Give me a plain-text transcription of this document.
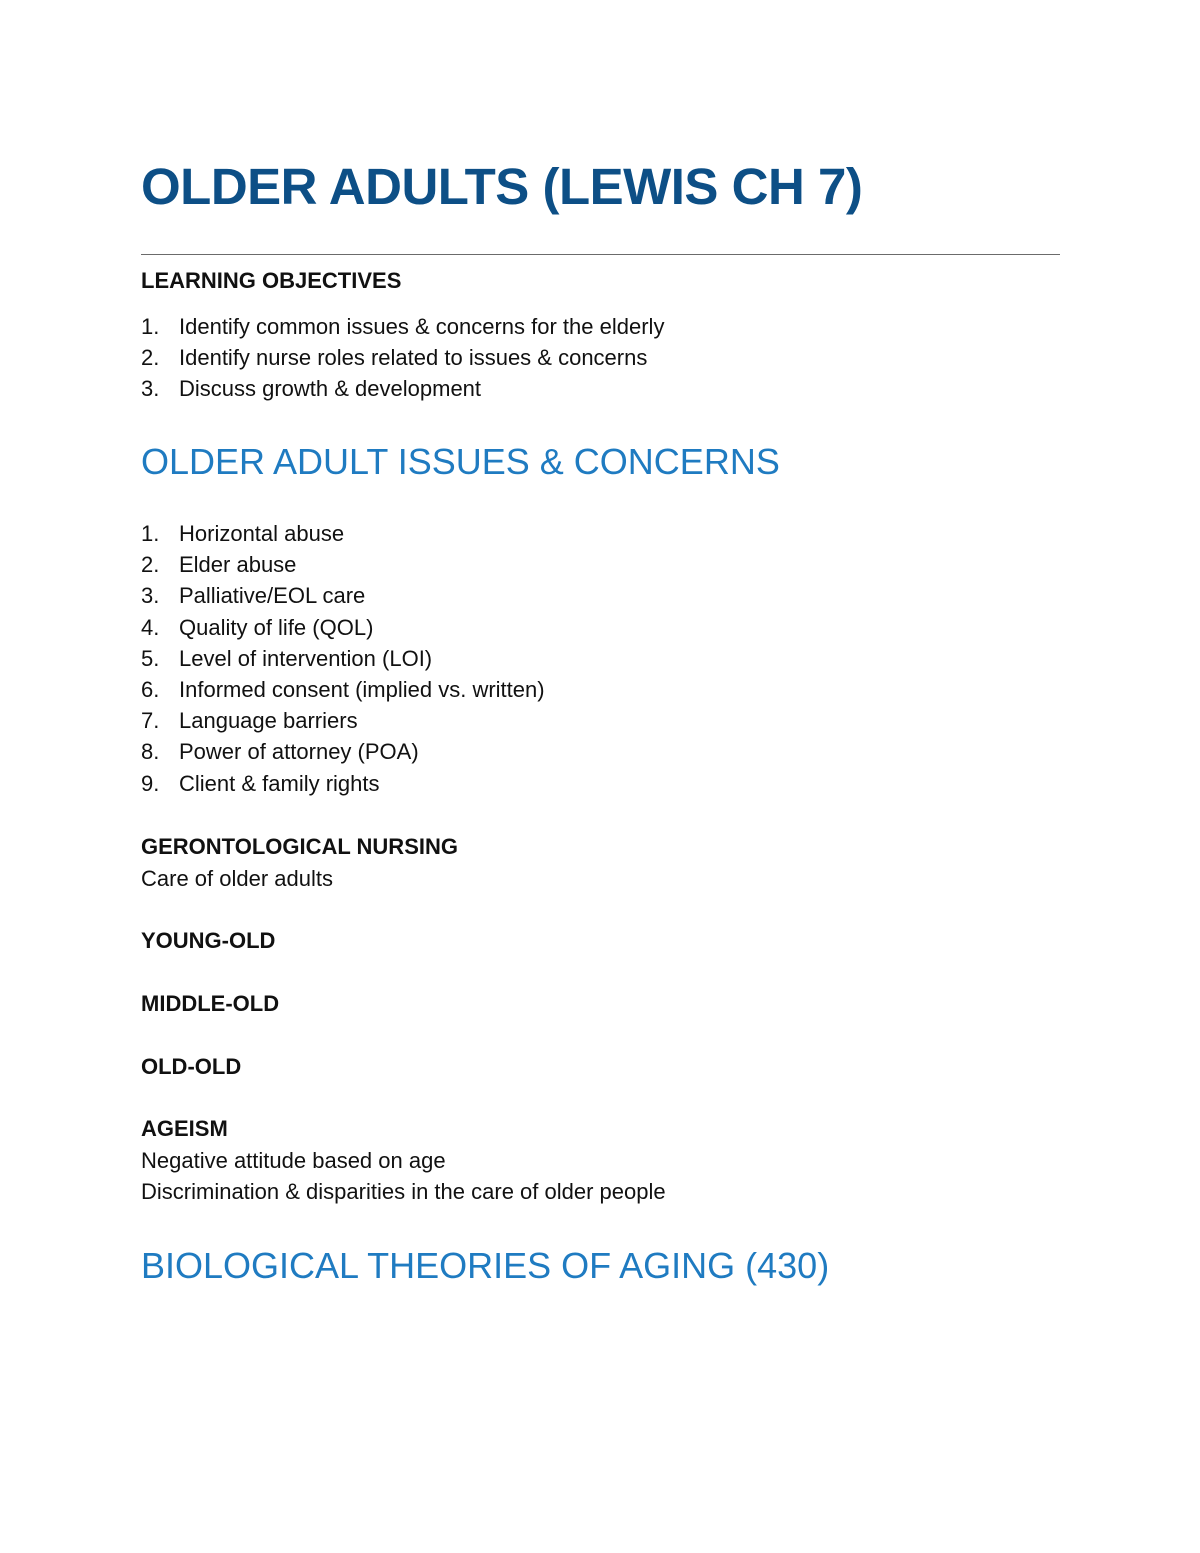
OLDER ADULTS (LEWIS CH 7)
LEARNING OBJECTIVES
1. Identify common issues & concerns for the elderly
2. Identify nurse roles related to issues & concerns
3. Discuss growth & development
OLDER ADULT ISSUES & CONCERNS
1. Horizontal abuse
2. Elder abuse
3. Palliative/EOL care
4. Quality of life (QOL)
5. Level of intervention (LOI)
6. Informed consent (implied vs. written)
7. Language barriers
8. Power of attorney (POA)
9. Client & family rights
GERONTOLOGICAL NURSING

Care of older adults

YOUNG-OLD
MIDDLE-OLD
OLD-OLD
AGEISM

Negative attitude based on age

Discrimination & disparities in the care of older people

BIOLOGICAL THEORIES OF AGING (430)
